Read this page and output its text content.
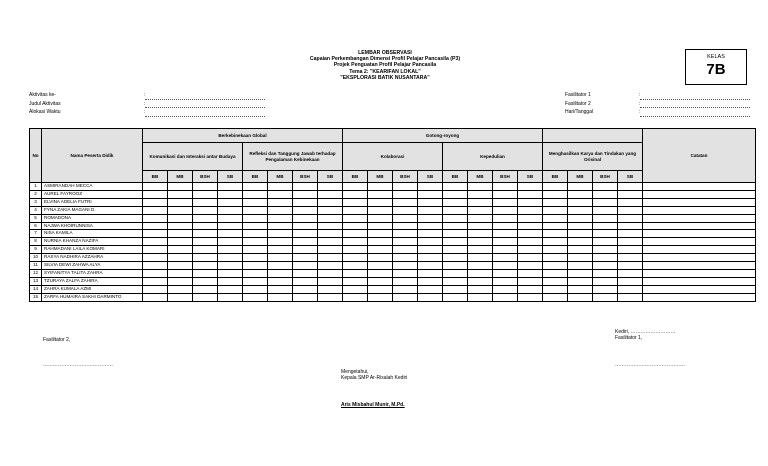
LEMBAR OBSERVASI
Capaian Perkembangan Dimensi Profil Pelajar Pancasila (P3)
Projek Penguatan Profil Pelajar Pancasila
Tema 2: "KEARIFAN LOKAL"
"EKSPLORASI BATIK NUSANTARA"
KELAS
7B
Aktivitas ke-	:
Judul Aktivitas	:
Alokasi Waktu	:
Fasilitator 1	:
Fasilitator 2	:
Hari/Tanggal	:
No	Nama Peserta Didik	Berkebinekaan Global								Gotong-royong												Catatan
		Komunikasi dan Interaksi antar Budaya				Refleksi dan Tanggung Jawab terhadap Pengalaman Kebinekaan				Kolaborasi				Kepedulian				Menghasilkan Karya dan Tindakan yang Orisinal				
		BB	MB	BSH	SB	BB	MB	BSH	SB	BB	MB	BSH	SB	BB	MB	BSH	SB	BB	MB	BSH	SB	
1	ASMIRANDAH MECCA																					
2	AUREL FAYROOZ																					
3	ELVINA ADELIA FUTRI																					
4	FYNA ZAKIA MAGANI D.																					
5	ROMADONA																					
6	NAJWA KHOIRUNNISA																					
7	NISA KAMILA																					
8	NURNIA KHANZA NAZIFA																					
9	RAHMADANI LAILA KOMARI																					
10	RASYA NADHIRA AZZAHRA																					
11	SILVIA DEWI ZAHWA ALYA																					
12	SYIFANITYA TALITA ZAHRA																					
13	TZURAYA ZALFA ZAHIRA																					
14	ZAHRA KUMALA AZMI																					
15	ZARFA HUMAIRA SAKHI DARMINTO																					
Kediri, ………………………
Fasilitator 1,
Fasilitator 2,
……………………………………	……………………………………
Mengetahui,
Kepala SMP Ar-Risalah Kediri
Aris Misbahul Munir, M.Pd.
